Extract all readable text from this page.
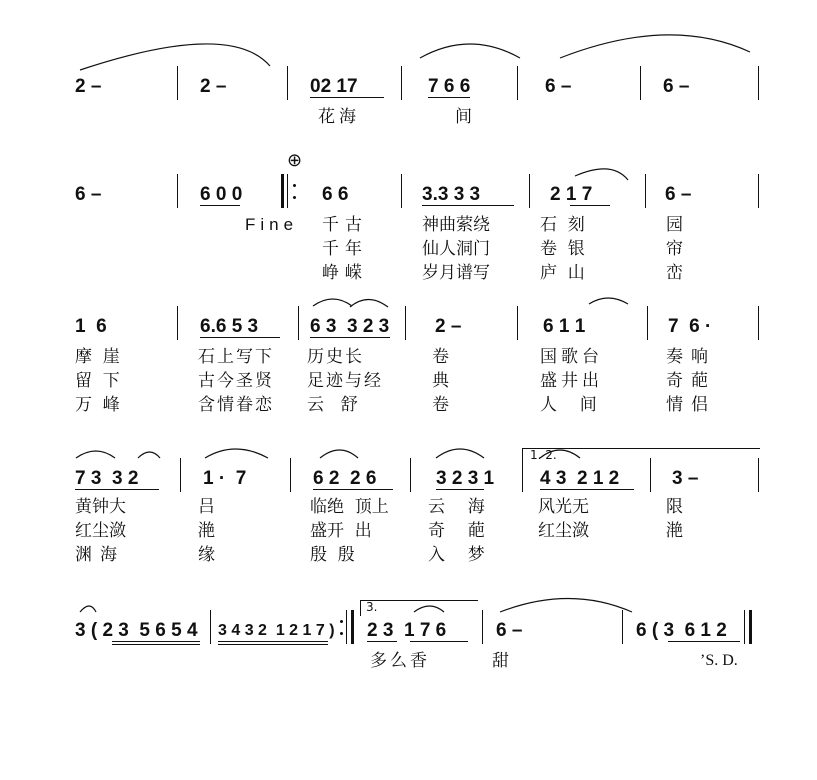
2 –	2 –	02 17	7 6 6	6 –	6 –
花海	间
⊕
6 –	6 0 0	6 6	3.3 3 3	2 1 7	6 –
Fine 千古	神曲萦绕	石  刻	园
千年	仙人洞门	卷  银	帘
峥嵘	岁月谱写	庐  山	峦
1  6	6.6 5 3	6 3  3 2 3 2 –	6 1 1	7  6 ·
摩  崖	石上写下 历史长	卷	国歌台	奏响
留  下	古今圣贤 足迹与经	典	盛井出	奇葩
万  峰	含情眷恋 云  舒	卷	人  间	情侣
1. 2.
7 3  3 2	1 ·  7	6 2  2 6	3 2 3 1 4 3  2 1 2	3 –
黄钟大	吕	临绝  顶上 云  海	风光无	限
红尘潋	滟	盛开  出	奇  葩	红尘潋	滟
渊海	缘	殷  殷	入  梦
3.
3 ( 2 3  5 6 5 4 3 4 3 2  1 2 1 7 ) 2 3  1 7 6	6 –	6 ( 3  6 1 2
多么香	甜	’S. D.
